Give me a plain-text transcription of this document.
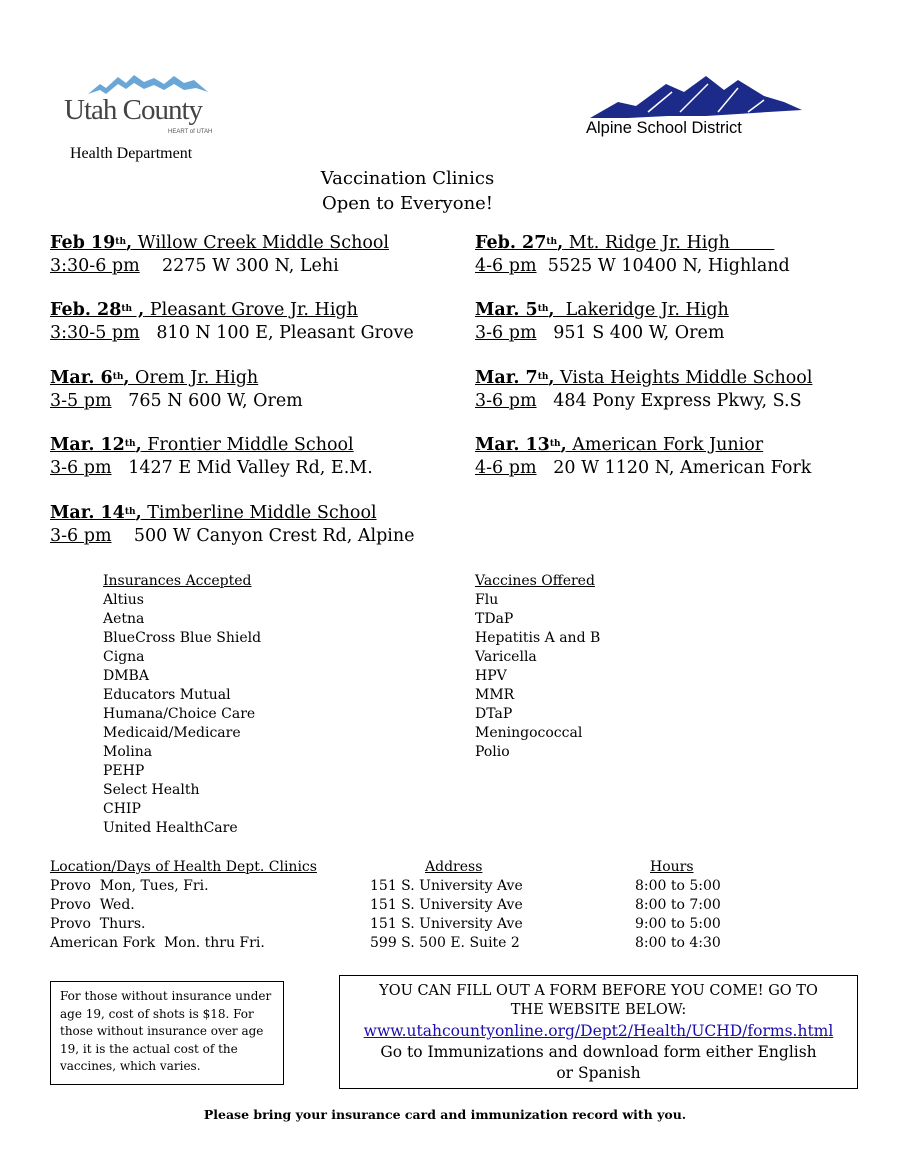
Utah County
HEART of UTAH
Health Department
Alpine School District
Vaccination Clinics
Open to Everyone!
Feb 19th, Willow Creek Middle School
3:30-6 pm 2275 W 300 N, Lehi
Feb. 28th , Pleasant Grove Jr. High
3:30-5 pm 810 N 100 E, Pleasant Grove
Mar. 6th, Orem Jr. High
3-5 pm 765 N 600 W, Orem
Mar. 12th, Frontier Middle School
3-6 pm 1427 E Mid Valley Rd, E.M.
Mar. 14th, Timberline Middle School
3-6 pm 500 W Canyon Crest Rd, Alpine
Feb. 27th, Mt. Ridge Jr. High
4-6 pm 5525 W 10400 N, Highland
Mar. 5th,  Lakeridge Jr. High
3-6 pm 951 S 400 W, Orem
Mar. 7th, Vista Heights Middle School
3-6 pm 484 Pony Express Pkwy, S.S
Mar. 13th, American Fork Junior
4-6 pm 20 W 1120 N, American Fork
Insurances Accepted
Altius
Aetna
BlueCross Blue Shield
Cigna
DMBA
Educators Mutual
Humana/Choice Care
Medicaid/Medicare
Molina
PEHP
Select Health
CHIP
United HealthCare
Vaccines Offered
Flu
TDaP
Hepatitis A and B
Varicella
HPV
MMR
DTaP
Meningococcal
Polio
Location/Days of Health Dept. Clinics	Address	Hours
Provo  Mon, Tues, Fri.	151 S. University Ave	8:00 to 5:00
Provo  Wed.	151 S. University Ave	8:00 to 7:00
Provo  Thurs.	151 S. University Ave	9:00 to 5:00
American Fork  Mon. thru Fri.	599 S. 500 E. Suite 2	8:00 to 4:30
For those without insurance under age 19, cost of shots is $18. For those without insurance over age 19, it is the actual cost of the vaccines, which varies.
YOU CAN FILL OUT A FORM BEFORE YOU COME! GO TO THE WEBSITE BELOW:
www.utahcountyonline.org/Dept2/Health/UCHD/forms.html
Go to Immunizations and download form either English or Spanish
Please bring your insurance card and immunization record with you.
